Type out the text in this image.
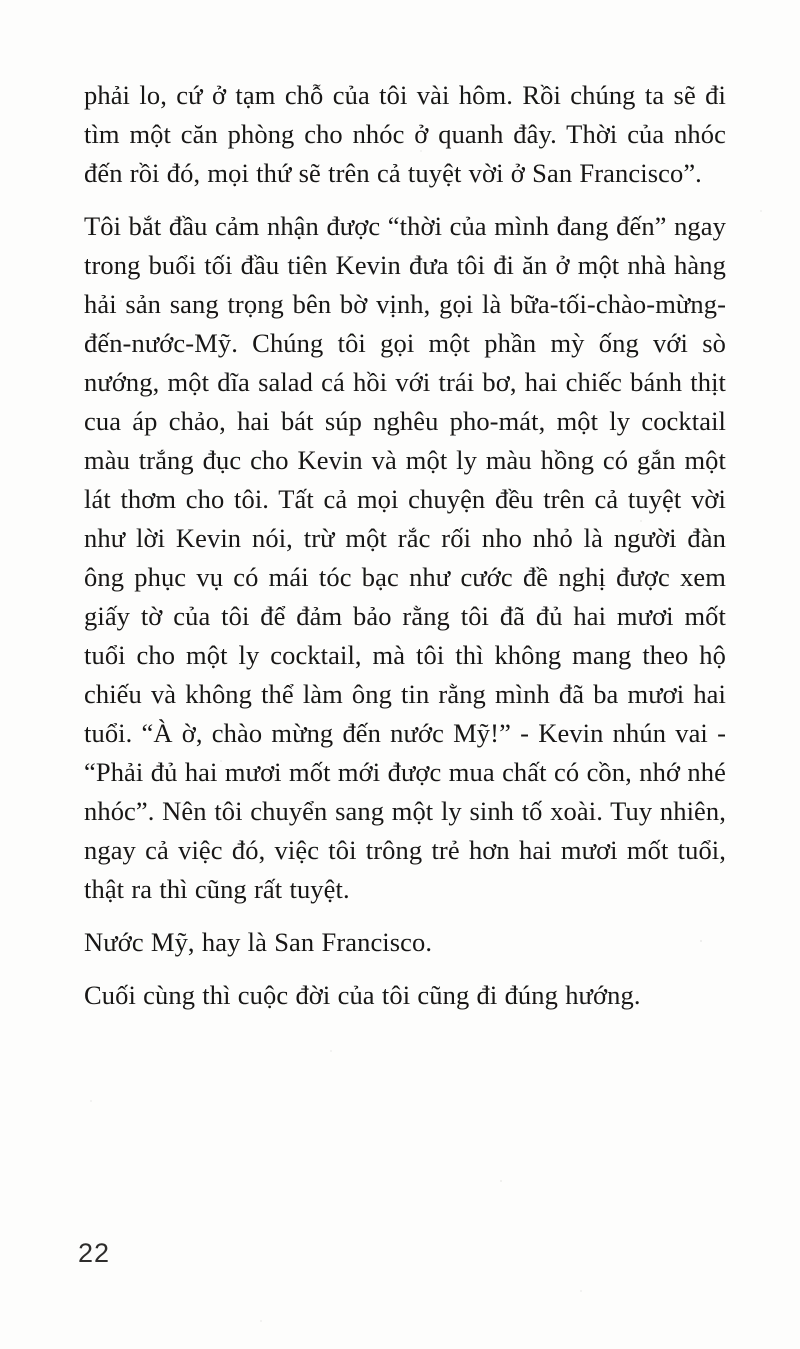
phải lo, cứ ở tạm chỗ của tôi vài hôm. Rồi chúng ta sẽ đi tìm một căn phòng cho nhóc ở quanh đây. Thời của nhóc đến rồi đó, mọi thứ sẽ trên cả tuyệt vời ở San Francisco”.

Tôi bắt đầu cảm nhận được “thời của mình đang đến” ngay trong buổi tối đầu tiên Kevin đưa tôi đi ăn ở một nhà hàng hải sản sang trọng bên bờ vịnh, gọi là bữa-tối-chào-mừng-đến-nước-Mỹ. Chúng tôi gọi một phần mỳ ống với sò nướng, một dĩa salad cá hồi với trái bơ, hai chiếc bánh thịt cua áp chảo, hai bát súp nghêu pho-mát, một ly cocktail màu trắng đục cho Kevin và một ly màu hồng có gắn một lát thơm cho tôi. Tất cả mọi chuyện đều trên cả tuyệt vời như lời Kevin nói, trừ một rắc rối nho nhỏ là người đàn ông phục vụ có mái tóc bạc như cước đề nghị được xem giấy tờ của tôi để đảm bảo rằng tôi đã đủ hai mươi mốt tuổi cho một ly cocktail, mà tôi thì không mang theo hộ chiếu và không thể làm ông tin rằng mình đã ba mươi hai tuổi. “À ờ, chào mừng đến nước Mỹ!” - Kevin nhún vai - “Phải đủ hai mươi mốt mới được mua chất có cồn, nhớ nhé nhóc”. Nên tôi chuyển sang một ly sinh tố xoài. Tuy nhiên, ngay cả việc đó, việc tôi trông trẻ hơn hai mươi mốt tuổi, thật ra thì cũng rất tuyệt.

Nước Mỹ, hay là San Francisco.

Cuối cùng thì cuộc đời của tôi cũng đi đúng hướng.

22
